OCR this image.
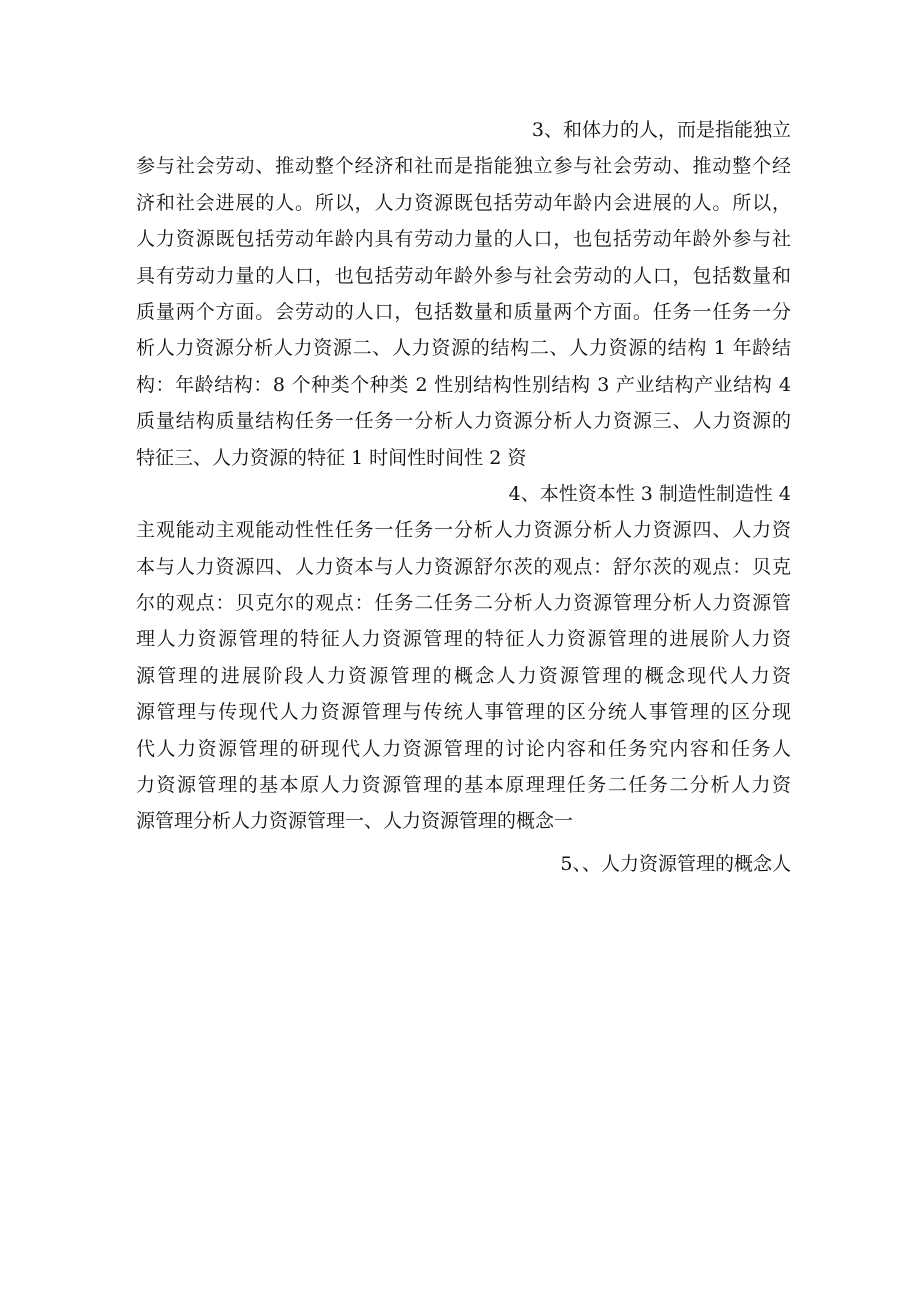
3、和体力的人，而是指能独立
参与社会劳动、推动整个经济和社而是指能独立参与社会劳动、推动整个经
济和社会进展的人。所以，人力资源既包括劳动年龄内会进展的人。所以，
人力资源既包括劳动年龄内具有劳动力量的人口，也包括劳动年龄外参与社
具有劳动力量的人口，也包括劳动年龄外参与社会劳动的人口，包括数量和
质量两个方面。会劳动的人口，包括数量和质量两个方面。任务一任务一分
析人力资源分析人力资源二、人力资源的结构二、人力资源的结构 1 年龄结
构：年龄结构：8 个种类个种类 2 性别结构性别结构 3 产业结构产业结构 4
质量结构质量结构任务一任务一分析人力资源分析人力资源三、人力资源的
特征三、人力资源的特征 1 时间性时间性 2 资
4、本性资本性 3 制造性制造性 4
主观能动主观能动性性任务一任务一分析人力资源分析人力资源四、人力资
本与人力资源四、人力资本与人力资源舒尔茨的观点：舒尔茨的观点：贝克
尔的观点：贝克尔的观点：任务二任务二分析人力资源管理分析人力资源管
理人力资源管理的特征人力资源管理的特征人力资源管理的进展阶人力资
源管理的进展阶段人力资源管理的概念人力资源管理的概念现代人力资
源管理与传现代人力资源管理与传统人事管理的区分统人事管理的区分现
代人力资源管理的研现代人力资源管理的讨论内容和任务究内容和任务人
力资源管理的基本原人力资源管理的基本原理理任务二任务二分析人力资
源管理分析人力资源管理一、人力资源管理的概念一
5、、人力资源管理的概念人
